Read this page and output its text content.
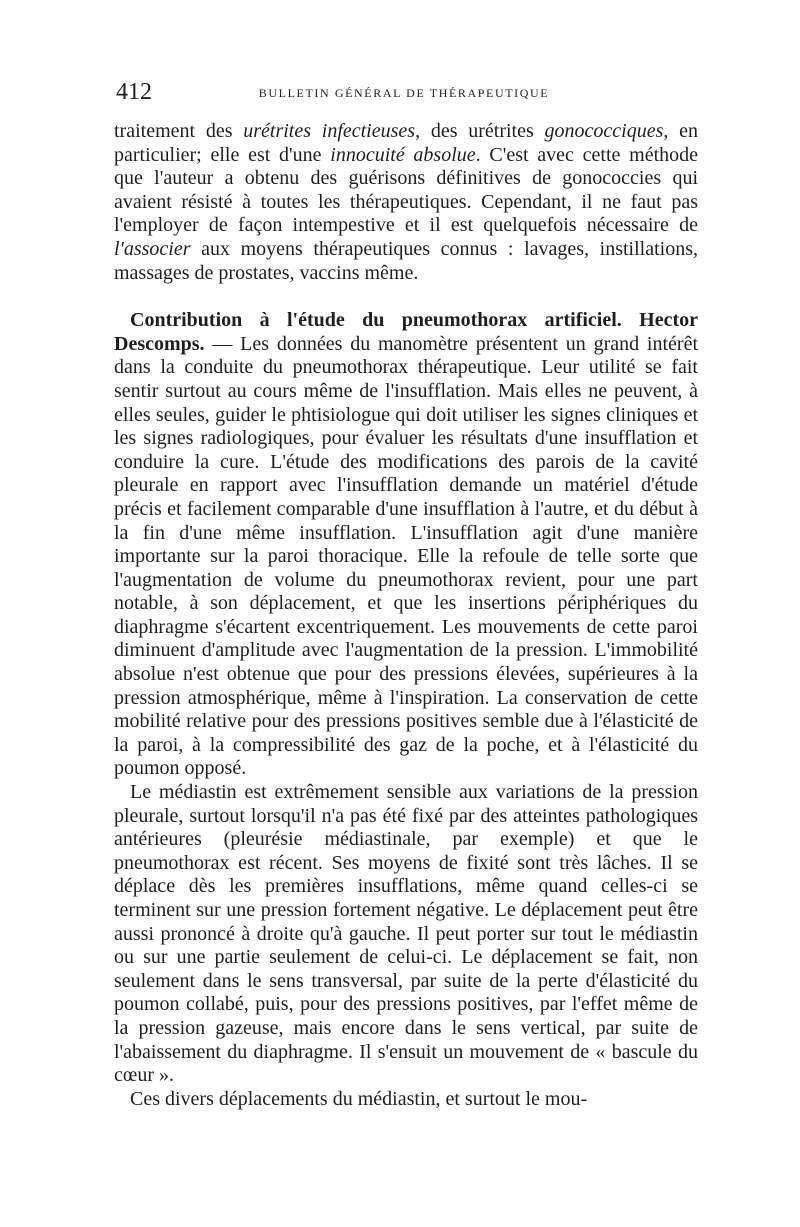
412	BULLETIN GÉNÉRAL DE THÉRAPEUTIQUE

traitement des urétrites infectieuses, des urétrites gonococciques, en particulier; elle est d'une innocuité absolue. C'est avec cette méthode que l'auteur a obtenu des guérisons définitives de gonococcies qui avaient résisté à toutes les thérapeutiques. Cependant, il ne faut pas l'employer de façon intempestive et il est quelquefois nécessaire de l'associer aux moyens thérapeutiques connus : lavages, instillations, massages de prostates, vaccins même.

Contribution à l'étude du pneumothorax artificiel. Hector Descomps. — Les données du manomètre présentent un grand intérêt dans la conduite du pneumothorax thérapeutique. Leur utilité se fait sentir surtout au cours même de l'insufflation. Mais elles ne peuvent, à elles seules, guider le phtisiologue qui doit utiliser les signes cliniques et les signes radiologiques, pour évaluer les résultats d'une insufflation et conduire la cure. L'étude des modifications des parois de la cavité pleurale en rapport avec l'insufflation demande un matériel d'étude précis et facilement comparable d'une insufflation à l'autre, et du début à la fin d'une même insufflation. L'insufflation agit d'une manière importante sur la paroi thoracique. Elle la refoule de telle sorte que l'augmentation de volume du pneumothorax revient, pour une part notable, à son déplacement, et que les insertions périphériques du diaphragme s'écartent excentriquement. Les mouvements de cette paroi diminuent d'amplitude avec l'augmentation de la pression. L'immobilité absolue n'est obtenue que pour des pressions élevées, supérieures à la pression atmosphérique, même à l'inspiration. La conservation de cette mobilité relative pour des pressions positives semble due à l'élasticité de la paroi, à la compressibilité des gaz de la poche, et à l'élasticité du poumon opposé.

Le médiastin est extrêmement sensible aux variations de la pression pleurale, surtout lorsqu'il n'a pas été fixé par des atteintes pathologiques antérieures (pleurésie médiastinale, par exemple) et que le pneumothorax est récent. Ses moyens de fixité sont très lâches. Il se déplace dès les premières insufflations, même quand celles-ci se terminent sur une pression fortement négative. Le déplacement peut être aussi prononcé à droite qu'à gauche. Il peut porter sur tout le médiastin ou sur une partie seulement de celui-ci. Le déplacement se fait, non seulement dans le sens transversal, par suite de la perte d'élasticité du poumon collabé, puis, pour des pressions positives, par l'effet même de la pression gazeuse, mais encore dans le sens vertical, par suite de l'abaissement du diaphragme. Il s'ensuit un mouvement de « bascule du cœur ».

Ces divers déplacements du médiastin, et surtout le mou-
